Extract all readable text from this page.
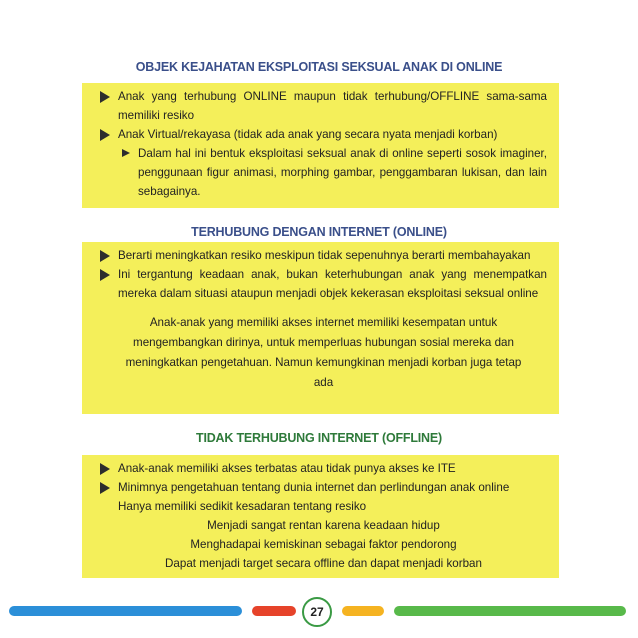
OBJEK KEJAHATAN EKSPLOITASI SEKSUAL ANAK DI ONLINE
Anak yang terhubung ONLINE maupun tidak terhubung/OFFLINE sama-sama memiliki resiko
Anak Virtual/rekayasa (tidak ada anak yang secara nyata menjadi korban)
Dalam hal ini bentuk eksploitasi seksual anak di online seperti sosok imaginer, penggunaan figur animasi, morphing gambar, penggambaran lukisan, dan lain sebagainya.
TERHUBUNG DENGAN INTERNET (ONLINE)
Berarti meningkatkan resiko meskipun tidak sepenuhnya berarti membahayakan
Ini tergantung keadaan anak, bukan keterhubungan anak yang menempatkan mereka dalam situasi ataupun menjadi objek kekerasan eksploitasi seksual online
Anak-anak yang memiliki akses internet memiliki kesempatan untuk mengembangkan dirinya, untuk memperluas hubungan sosial mereka dan meningkatkan pengetahuan. Namun kemungkinan menjadi korban juga tetap ada
TIDAK TERHUBUNG INTERNET (OFFLINE)
Anak-anak memiliki akses terbatas atau tidak punya akses ke ITE
Minimnya pengetahuan tentang dunia internet dan perlindungan anak online
Hanya memiliki sedikit kesadaran tentang resiko
Menjadi sangat rentan karena keadaan hidup
Menghadapai kemiskinan sebagai faktor pendorong
Dapat menjadi target secara offline dan dapat menjadi korban
27
